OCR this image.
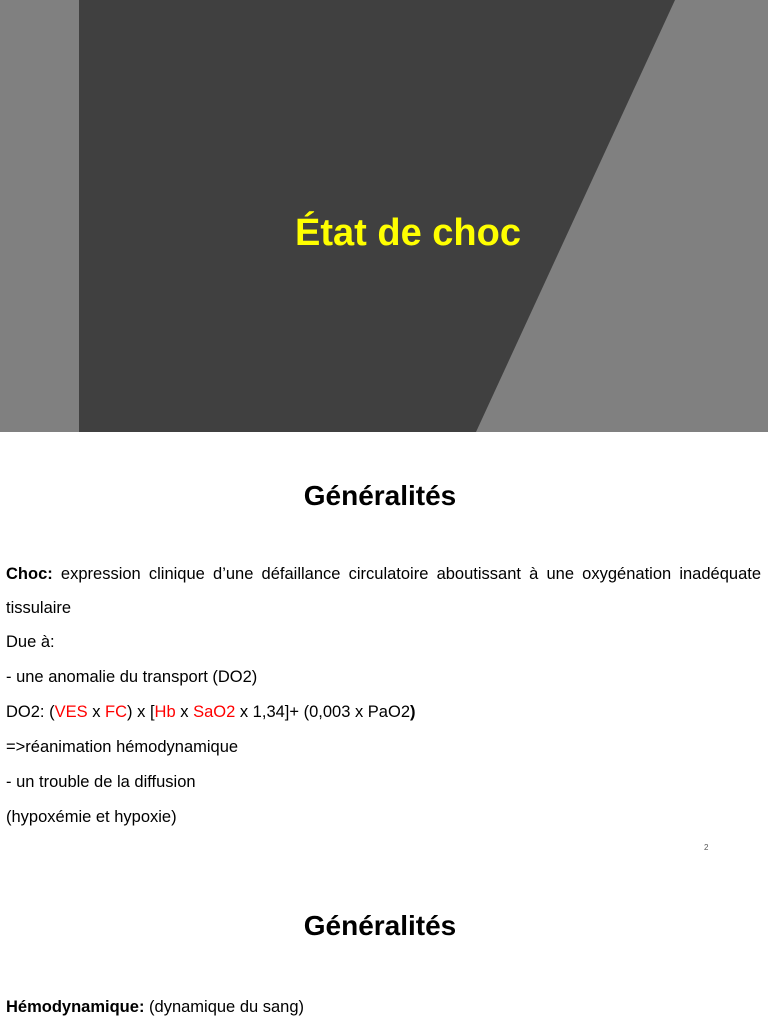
État de choc
Généralités

Choc: expression clinique d’une défaillance circulatoire aboutissant à une oxygénation inadéquate tissulaire

Due à:

- une anomalie du transport (DO2)

DO2: (VES x FC) x [Hb x SaO2 x 1,34]+ (0,003 x PaO2)

=>réanimation hémodynamique

- un trouble de la diffusion

(hypoxémie et hypoxie)

2
Généralités

Hémodynamique: (dynamique du sang)
